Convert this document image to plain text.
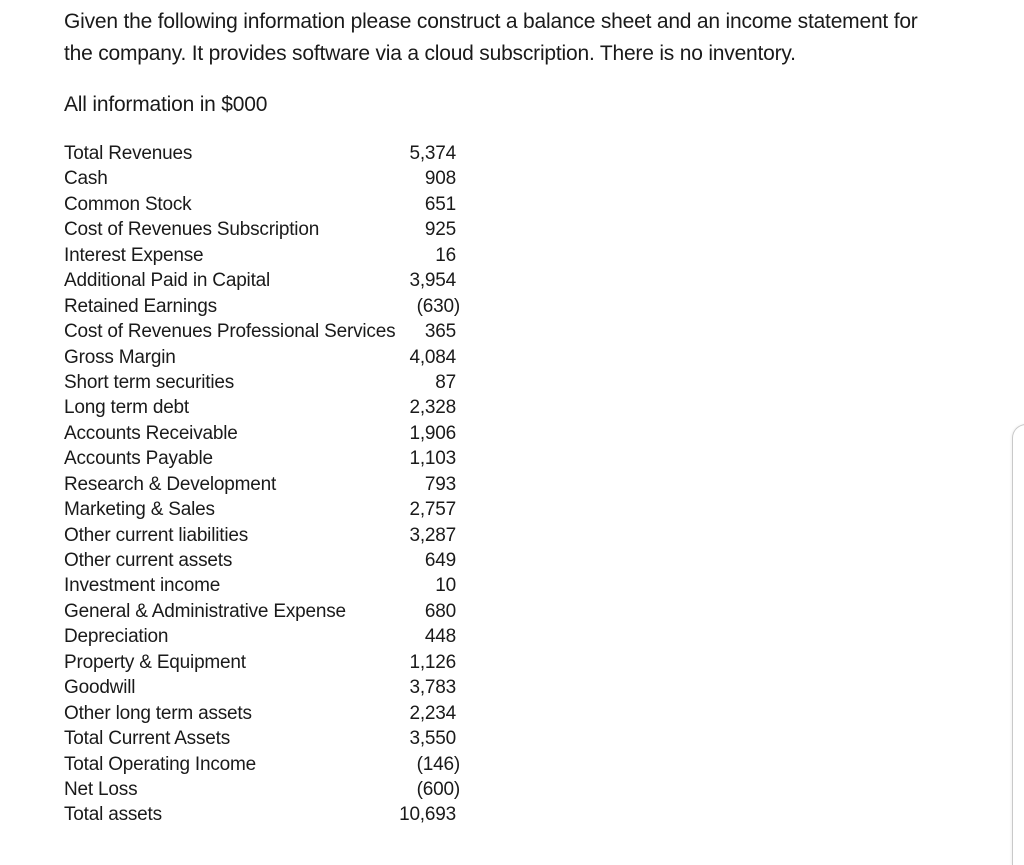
Given the following information please construct a balance sheet and an income statement for
the company. It provides software via a cloud subscription. There is no inventory.
All information in $000
Total Revenues	5,374
Cash	908
Common Stock	651
Cost of Revenues Subscription	925
Interest Expense	16
Additional Paid in Capital	3,954
Retained Earnings	(630)
Cost of Revenues Professional Services	365
Gross Margin	4,084
Short term securities	87
Long term debt	2,328
Accounts Receivable	1,906
Accounts Payable	1,103
Research & Development	793
Marketing & Sales	2,757
Other current liabilities	3,287
Other current assets	649
Investment income	10
General & Administrative Expense	680
Depreciation	448
Property & Equipment	1,126
Goodwill	3,783
Other long term assets	2,234
Total Current Assets	3,550
Total Operating Income	(146)
Net Loss	(600)
Total assets	10,693
